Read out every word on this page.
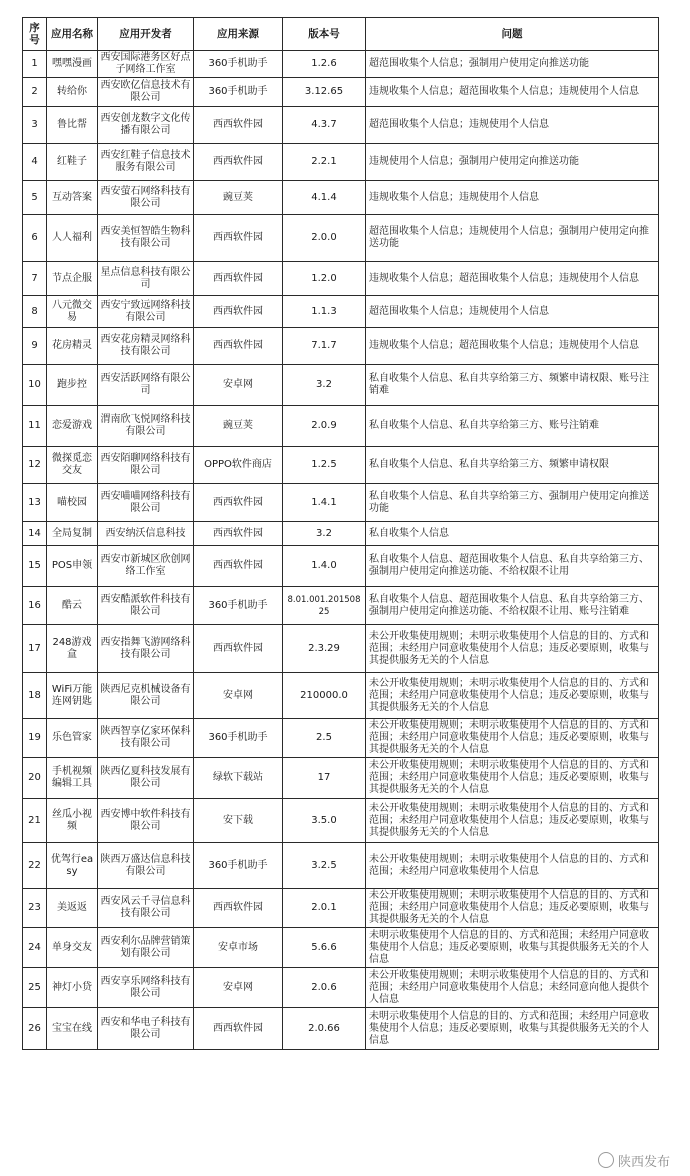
序号	应用名称	应用开发者	应用来源	版本号	问题
1	嘿嘿漫画	西安国际港务区好点子网络工作室	360手机助手	1.2.6	超范围收集个人信息；强制用户使用定向推送功能
2	转给你	西安欧亿信息技术有限公司	360手机助手	3.12.65	违规收集个人信息；超范围收集个人信息；违规使用个人信息
3	鲁比帮	西安创龙数字文化传播有限公司	西西软件园	4.3.7	超范围收集个人信息；违规使用个人信息
4	红鞋子	西安红鞋子信息技术服务有限公司	西西软件园	2.2.1	违规使用个人信息；强制用户使用定向推送功能
5	互动答案	西安萤石网络科技有限公司	豌豆荚	4.1.4	违规收集个人信息；违规使用个人信息
6	人人福利	西安美恒智皓生物科技有限公司	西西软件园	2.0.0	超范围收集个人信息；违规使用个人信息；强制用户使用定向推送功能
7	节点企服	星点信息科技有限公司	西西软件园	1.2.0	违规收集个人信息；超范围收集个人信息；违规使用个人信息
8	八元微交易	西安宁致远网络科技有限公司	西西软件园	1.1.3	超范围收集个人信息；违规使用个人信息
9	花房精灵	西安花房精灵网络科技有限公司	西西软件园	7.1.7	违规收集个人信息；超范围收集个人信息；违规使用个人信息
10	跑步控	西安活跃网络有限公司	安卓网	3.2	私自收集个人信息、私自共享给第三方、频繁申请权限、账号注销难
11	恋爱游戏	渭南欣飞悦网络科技有限公司	豌豆荚	2.0.9	私自收集个人信息、私自共享给第三方、账号注销难
12	微探觅恋交友	西安陌聊网络科技有限公司	OPPO软件商店	1.2.5	私自收集个人信息、私自共享给第三方、频繁申请权限
13	喵校园	西安喵喵网络科技有限公司	西西软件园	1.4.1	私自收集个人信息、私自共享给第三方、强制用户使用定向推送功能
14	全局复制	西安纳沃信息科技	西西软件园	3.2	私自收集个人信息
15	POS申领	西安市新城区欣创网络工作室	西西软件园	1.4.0	私自收集个人信息、超范围收集个人信息、私自共享给第三方、强制用户使用定向推送功能、不给权限不让用
16	酷云	西安酷派软件科技有限公司	360手机助手	8.01.001.20150825	私自收集个人信息、超范围收集个人信息、私自共享给第三方、强制用户使用定向推送功能、不给权限不让用、账号注销难
17	248游戏盒	西安指舞飞游网络科技有限公司	西西软件园	2.3.29	未公开收集使用规则；未明示收集使用个人信息的目的、方式和范围；未经用户同意收集使用个人信息；违反必要原则，收集与其提供服务无关的个人信息
18	WiFi万能连网钥匙	陕西尼克机械设备有限公司	安卓网	210000.0	未公开收集使用规则；未明示收集使用个人信息的目的、方式和范围；未经用户同意收集使用个人信息；违反必要原则，收集与其提供服务无关的个人信息
19	乐色管家	陕西智享亿家环保科技有限公司	360手机助手	2.5	未公开收集使用规则；未明示收集使用个人信息的目的、方式和范围；未经用户同意收集使用个人信息；违反必要原则，收集与其提供服务无关的个人信息
20	手机视频编辑工具	陕西亿夏科技发展有限公司	绿软下载站	17	未公开收集使用规则；未明示收集使用个人信息的目的、方式和范围；未经用户同意收集使用个人信息；违反必要原则，收集与其提供服务无关的个人信息
21	丝瓜小视频	西安博中软件科技有限公司	安下载	3.5.0	未公开收集使用规则；未明示收集使用个人信息的目的、方式和范围；未经用户同意收集使用个人信息；违反必要原则，收集与其提供服务无关的个人信息
22	优驾行easy	陕西万盛达信息科技有限公司	360手机助手	3.2.5	未公开收集使用规则；未明示收集使用个人信息的目的、方式和范围；未经用户同意收集使用个人信息
23	美返返	西安风云千寻信息科技有限公司	西西软件园	2.0.1	未公开收集使用规则；未明示收集使用个人信息的目的、方式和范围；未经用户同意收集使用个人信息；违反必要原则，收集与其提供服务无关的个人信息
24	单身交友	西安利尔品牌营销策划有限公司	安卓市场	5.6.6	未明示收集使用个人信息的目的、方式和范围；未经用户同意收集使用个人信息；违反必要原则，收集与其提供服务无关的个人信息
25	神灯小贷	西安享乐网络科技有限公司	安卓网	2.0.6	未公开收集使用规则；未明示收集使用个人信息的目的、方式和范围；未经用户同意收集使用个人信息；未经同意向他人提供个人信息
26	宝宝在线	西安和华电子科技有限公司	西西软件园	2.0.66	未明示收集使用个人信息的目的、方式和范围；未经用户同意收集使用个人信息；违反必要原则，收集与其提供服务无关的个人信息
陕西发布
